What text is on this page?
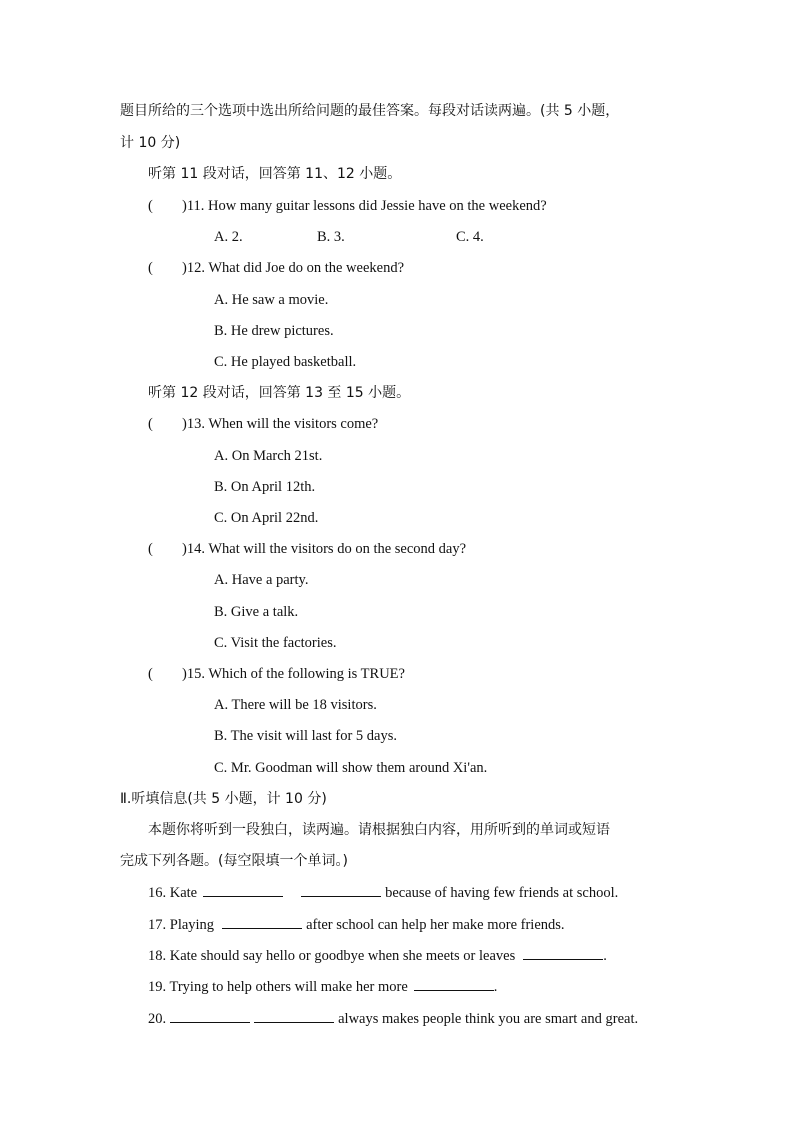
题目所给的三个选项中选出所给问题的最佳答案。每段对话读两遍。(共 5 小题，
计 10 分)
听第 11 段对话，回答第 11、12 小题。
( )11. How many guitar lessons did Jessie have on the weekend?
A. 2.	B. 3.	C. 4.
( )12. What did Joe do on the weekend?
A. He saw a movie.
B. He drew pictures.
C. He played basketball.
听第 12 段对话，回答第 13 至 15 小题。
( )13. When will the visitors come?
A. On March 21st.
B. On April 12th.
C. On April 22nd.
( )14. What will the visitors do on the second day?
A. Have a party.
B. Give a talk.
C. Visit the factories.
( )15. Which of the following is TRUE?
A. There will be 18 visitors.
B. The visit will last for 5 days.
C. Mr. Goodman will show them around Xi'an.
Ⅱ.听填信息(共 5 小题，计 10 分)
本题你将听到一段独白，读两遍。请根据独白内容，用所听到的单词或短语
完成下列各题。(每空限填一个单词。)
16. Kate	because of having few friends at school.
17. Playing	after school can help her make more friends.
18. Kate should say hello or goodbye when she meets or leaves	.
19. Trying to help others will make her more	.
20.	always makes people think you are smart and great.
